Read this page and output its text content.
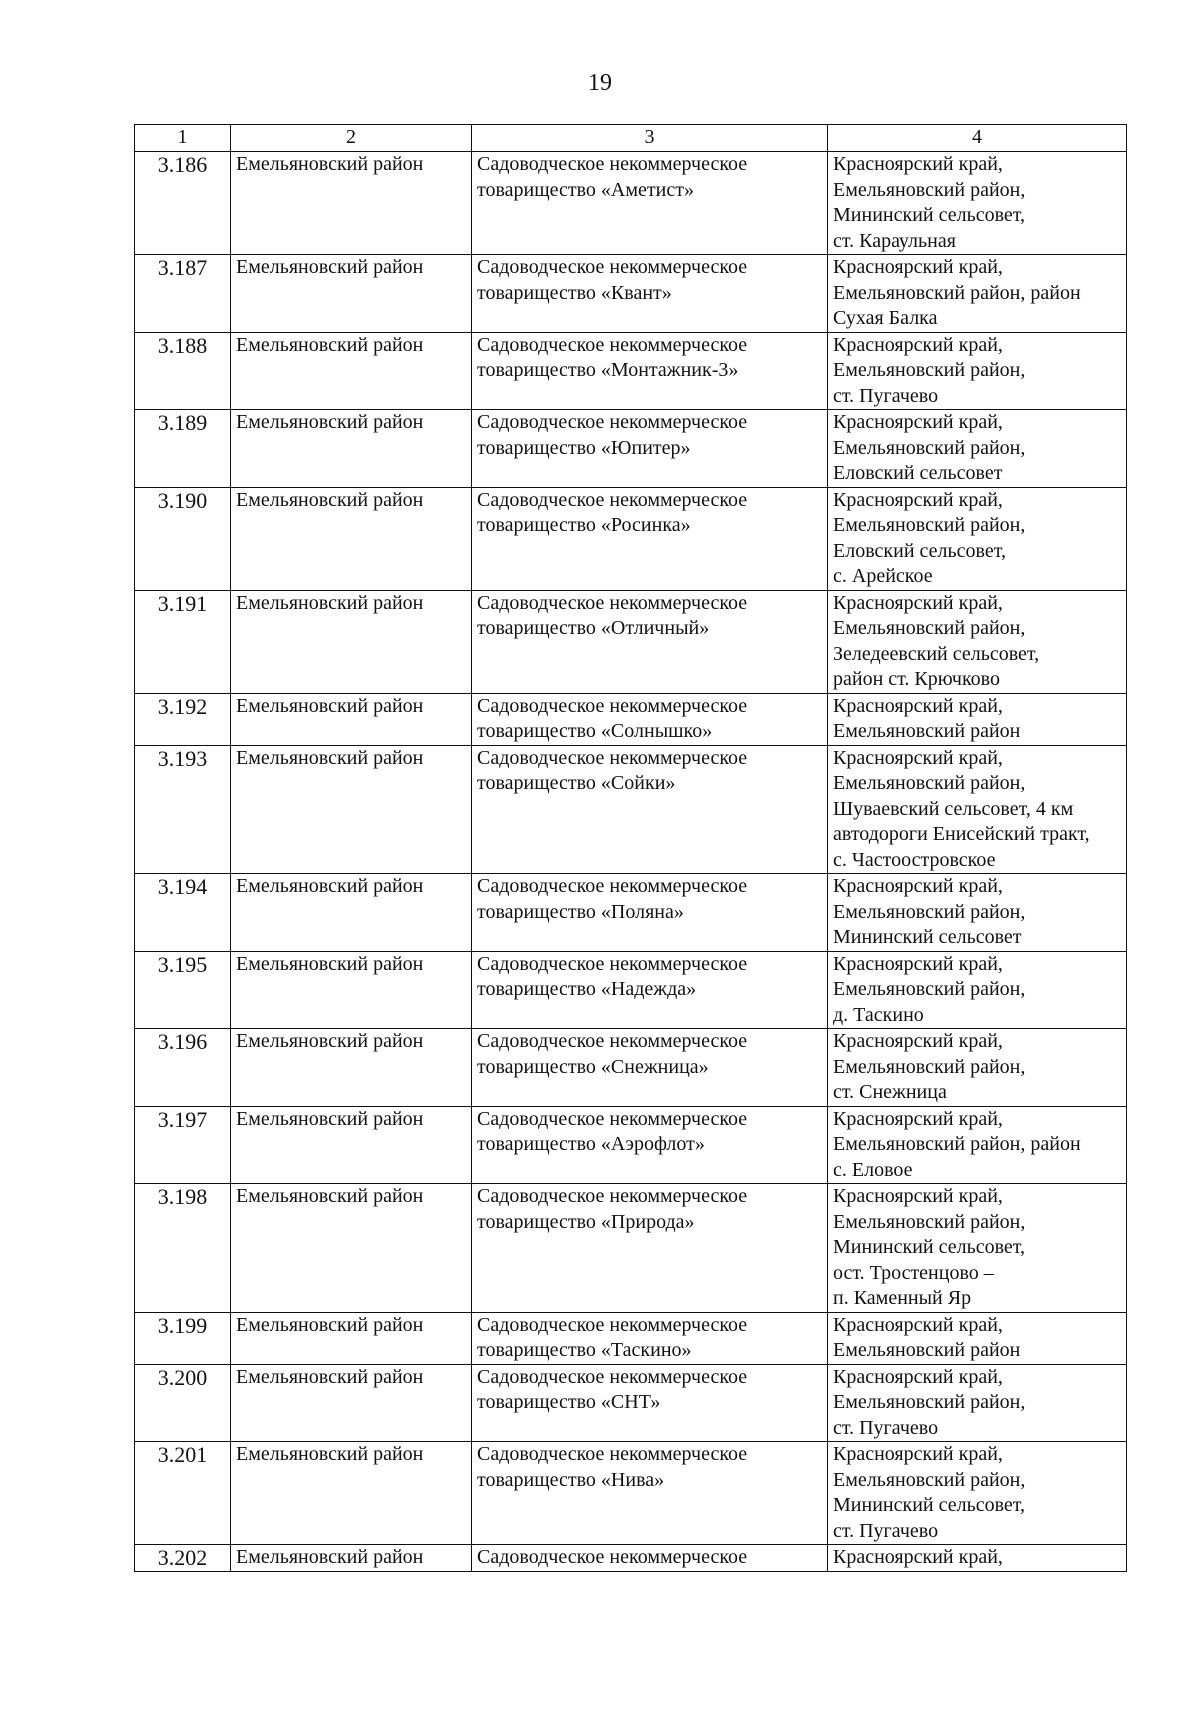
19
1	2	3	4
3.186	Емельяновский район	Садоводческое некоммерческое
товарищество «Аметист»	Красноярский край,
Емельяновский район,
Мининский сельсовет,
ст. Караульная
3.187	Емельяновский район	Садоводческое некоммерческое
товарищество «Квант»	Красноярский край,
Емельяновский район, район
Сухая Балка
3.188	Емельяновский район	Садоводческое некоммерческое
товарищество «Монтажник-3»	Красноярский край,
Емельяновский район,
ст. Пугачево
3.189	Емельяновский район	Садоводческое некоммерческое
товарищество «Юпитер»	Красноярский край,
Емельяновский район,
Еловский сельсовет
3.190	Емельяновский район	Садоводческое некоммерческое
товарищество «Росинка»	Красноярский край,
Емельяновский район,
Еловский сельсовет,
с. Арейское
3.191	Емельяновский район	Садоводческое некоммерческое
товарищество «Отличный»	Красноярский край,
Емельяновский район,
Зеледеевский сельсовет,
район ст. Крючково
3.192	Емельяновский район	Садоводческое некоммерческое
товарищество «Солнышко»	Красноярский край,
Емельяновский район
3.193	Емельяновский район	Садоводческое некоммерческое
товарищество «Сойки»	Красноярский край,
Емельяновский район,
Шуваевский сельсовет, 4 км
автодороги Енисейский тракт,
с. Частоостровское
3.194	Емельяновский район	Садоводческое некоммерческое
товарищество «Поляна»	Красноярский край,
Емельяновский район,
Мининский сельсовет
3.195	Емельяновский район	Садоводческое некоммерческое
товарищество «Надежда»	Красноярский край,
Емельяновский район,
д. Таскино
3.196	Емельяновский район	Садоводческое некоммерческое
товарищество «Снежница»	Красноярский край,
Емельяновский район,
ст. Снежница
3.197	Емельяновский район	Садоводческое некоммерческое
товарищество «Аэрофлот»	Красноярский край,
Емельяновский район, район
с. Еловое
3.198	Емельяновский район	Садоводческое некоммерческое
товарищество «Природа»	Красноярский край,
Емельяновский район,
Мининский сельсовет,
ост. Тростенцово –
п. Каменный Яр
3.199	Емельяновский район	Садоводческое некоммерческое
товарищество «Таскино»	Красноярский край,
Емельяновский район
3.200	Емельяновский район	Садоводческое некоммерческое
товарищество «СНТ»	Красноярский край,
Емельяновский район,
ст. Пугачево
3.201	Емельяновский район	Садоводческое некоммерческое
товарищество «Нива»	Красноярский край,
Емельяновский район,
Мининский сельсовет,
ст. Пугачево
3.202	Емельяновский район	Садоводческое некоммерческое	Красноярский край,
